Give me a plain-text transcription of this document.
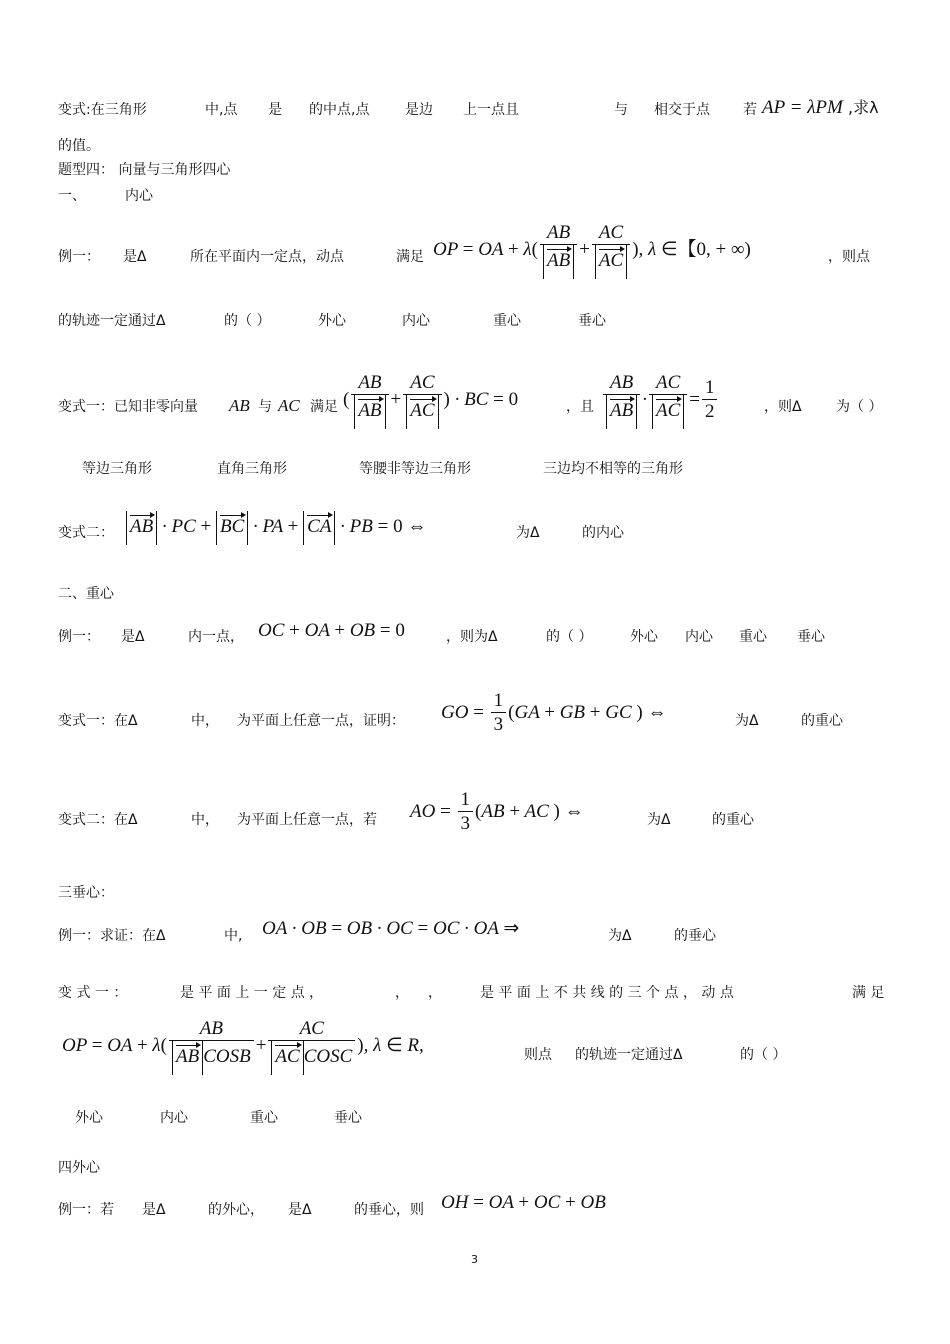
变式:在三角形	中,点 是 的中点,点	是边 上一点且	与 相交于点 若 AP = λPM ,求λ
的值。
题型四： 向量与三角形四心
一、	内心
例一： 是Δ	所在平面内一定点，动点	满足 OP = OA + $\lambda( \frac{AB}{AB} + \frac{AC}{AC}$ ), λ ∈【0, + ∞)	，则点
的轨迹一定通过Δ	的（ ）	外心	内心	重心	垂心
变式一：已知非零向量 AB 与 AC 满足 ( $\frac{AB}{AB} + \frac{AC}{AC}$ ) · BC = 0	，且 $\frac{AB}{AB} \cdot \frac{AC}{AC} = \frac{1}{2}$	，则Δ 为（ ）
等边三角形	直角三角形	等腰非等边三角形	三边均不相等的三角形
变式二： AB · PC + BC · PA + CA · PB = 0 ⇔	为Δ	的内心
二、重心
例一： 是Δ	内一点， OC + OA + OB = 0	，则为Δ	的（ ）	外心 内心 重心 垂心
变式一：在Δ	中， 为平面上任意一点，证明： GO = $\frac{1}{3} (GA$ + GB + GC ) ⇔	为Δ	的重心
变式二：在Δ	中， 为平面上任意一点，若 AO = $\frac{1}{3} (AB$ + AC ) ⇔	为Δ	的重心
三垂心：
例一：求证：在Δ	中, OA · OB = OB · OC = OC · OA ⇒	为Δ	的垂心
变 式 一 ：	是 平 面 上 一 定 点 ，	， ，	是 平 面 上 不 共 线 的 三 个 点 ， 动 点	满 足
OP = OA + $\lambda( \frac{AB}{\text{AB COSB}} + \frac{AC}{\text{AC COSC}}$ ), λ ∈ R,	则点 的轨迹一定通过Δ	的（ ）
外心	内心	重心	垂心
四外心
例一：若 是Δ	的外心， 是Δ	的垂心，则 OH = OA + OC + OB
3
